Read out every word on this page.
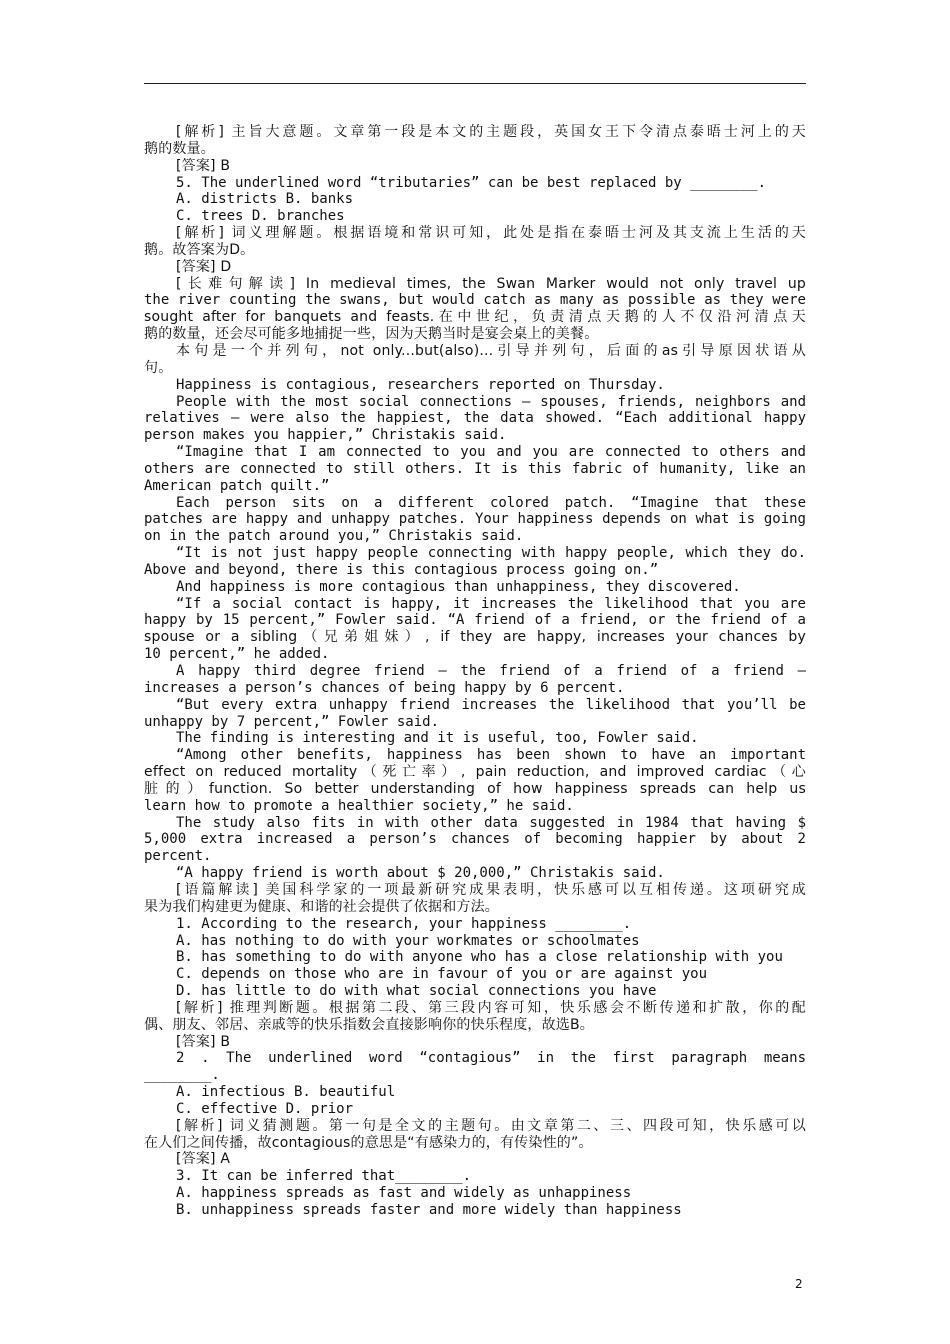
[解析] 主旨大意题。文章第一段是本文的主题段，英国女王下令清点泰晤士河上的天
鹅的数量。
[答案] B
5. The underlined word “tributaries” can be best replaced by ________.
A. districts B. banks
C. trees D. branches
[解析] 词义理解题。根据语境和常识可知，此处是指在泰晤士河及其支流上生活的天
鹅。故答案为D。
[答案] D
[长难句解读] In medieval times, the Swan Marker would not only travel up
the river counting the swans, but would catch as many as possible as they were
sought after for banquets and feasts.在中世纪，负责清点天鹅的人不仅沿河清点天
鹅的数量，还会尽可能多地捕捉一些，因为天鹅当时是宴会桌上的美餐。
本句是一个并列句，not only...but(also)...引导并列句，后面的as引导原因状语从
句。
Happiness is contagious, researchers reported on Thursday.
People with the most social connections — spouses, friends, neighbors and
relatives — were also the happiest, the data showed. “Each additional happy
person makes you happier,” Christakis said.
“Imagine that I am connected to you and you are connected to others and
others are connected to still others. It is this fabric of humanity, like an
American patch quilt.”
Each person sits on a different colored patch. “Imagine that these
patches are happy and unhappy patches. Your happiness depends on what is going
on in the patch around you,” Christakis said.
“It is not just happy people connecting with happy people, which they do.
Above and beyond, there is this contagious process going on.”
And happiness is more contagious than unhappiness, they discovered.
“If a social contact is happy, it increases the likelihood that you are
happy by 15 percent,” Fowler said. “A friend of a friend, or the friend of a
spouse or a sibling（兄弟姐妹）, if they are happy, increases your chances by
10 percent,” he added.
A happy third degree friend — the friend of a friend of a friend —
increases a person’s chances of being happy by 6 percent.
“But every extra unhappy friend increases the likelihood that you’ll be
unhappy by 7 percent,” Fowler said.
The finding is interesting and it is useful, too, Fowler said.
“Among other benefits, happiness has been shown to have an important
effect on reduced mortality（死亡率）, pain reduction, and improved cardiac（心
脏的）function. So better understanding of how happiness spreads can help us
learn how to promote a healthier society,” he said.
The study also fits in with other data suggested in 1984 that having $
5,000 extra increased a person’s chances of becoming happier by about 2
percent.
“A happy friend is worth about $ 20,000,” Christakis said.
[语篇解读] 美国科学家的一项最新研究成果表明，快乐感可以互相传递。这项研究成
果为我们构建更为健康、和谐的社会提供了依据和方法。
1. According to the research, your happiness ________.
A. has nothing to do with your workmates or schoolmates
B. has something to do with anyone who has a close relationship with you
C. depends on those who are in favour of you or are against you
D. has little to do with what social connections you have
[解析] 推理判断题。根据第二段、第三段内容可知，快乐感会不断传递和扩散，你的配
偶、朋友、邻居、亲戚等的快乐指数会直接影响你的快乐程度，故选B。
[答案] B
2 . The underlined word “contagious” in the first paragraph means
________.
A. infectious B. beautiful
C. effective D. prior
[解析] 词义猜测题。第一句是全文的主题句。由文章第二、三、四段可知，快乐感可以
在人们之间传播，故contagious的意思是“有感染力的，有传染性的”。
[答案] A
3. It can be inferred that________.
A. happiness spreads as fast and widely as unhappiness
B. unhappiness spreads faster and more widely than happiness
2
